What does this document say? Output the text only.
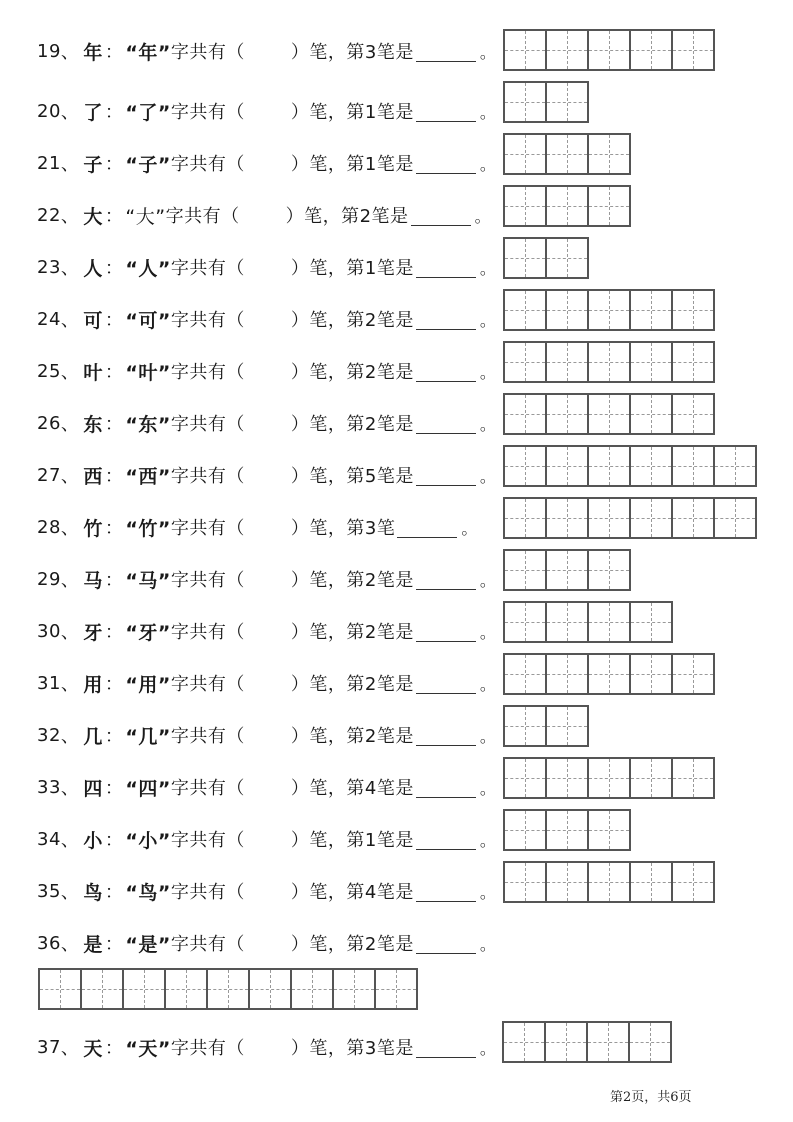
19 、 年 ： “年” 字共有（	）笔， 第3笔是	。
20 、 了 ： “了” 字共有（	）笔， 第1笔是	。
21 、 子 ： “子” 字共有（	）笔， 第1笔是	。
22 、 大 ： “大” 字共有（	）笔， 第2笔是	。
23 、 人 ： “人” 字共有（	）笔， 第1笔是	。
24 、 可 ： “可” 字共有（	）笔， 第2笔是	。
25 、 叶 ： “叶” 字共有（	）笔， 第2笔是	。
26 、 东 ： “东” 字共有（	）笔， 第2笔是	。
27 、 西 ： “西” 字共有（	）笔， 第5笔是	。
28 、 竹 ： “竹” 字共有（	）笔， 第3笔	。
29 、 马 ： “马” 字共有（	）笔， 第2笔是	。
30 、 牙 ： “牙” 字共有（	）笔， 第2笔是	。
31 、 用 ： “用” 字共有（	）笔， 第2笔是	。
32 、 几 ： “几” 字共有（	）笔， 第2笔是	。
33 、 四 ： “四” 字共有（	）笔， 第4笔是	。
34 、 小 ： “小” 字共有（	）笔， 第1笔是	。
35 、 鸟 ： “鸟” 字共有（	）笔， 第4笔是	。
36 、 是 ： “是” 字共有（	）笔， 第2笔是	。
37 、 天 ： “天” 字共有（	）笔， 第3笔是	。
第2页，共6页
